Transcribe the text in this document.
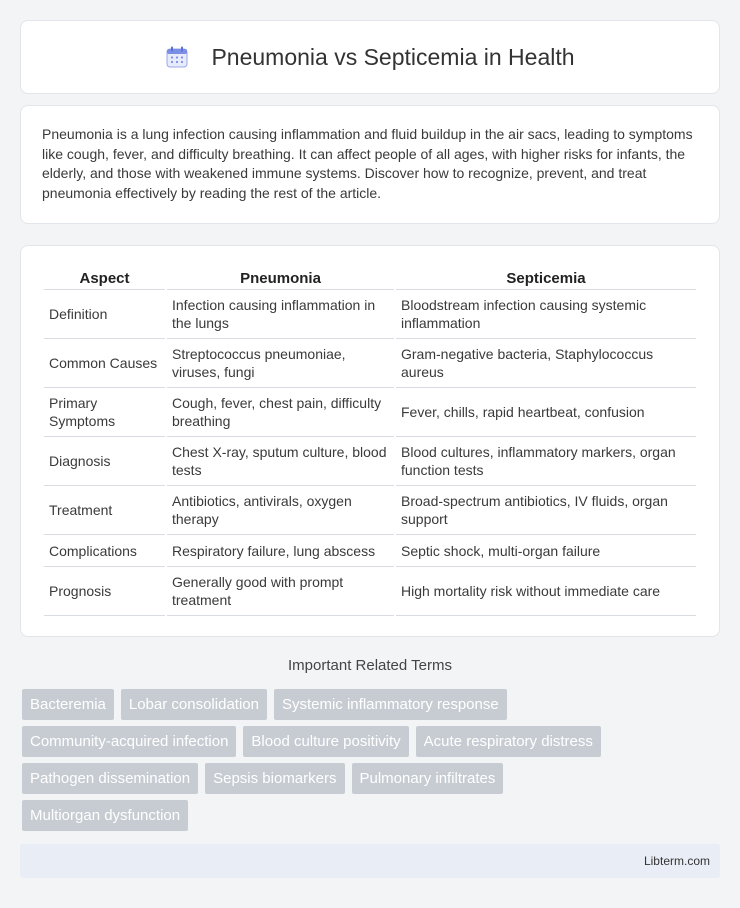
Pneumonia vs Septicemia in Health

Pneumonia is a lung infection causing inflammation and fluid buildup in the air sacs, leading to symptoms like cough, fever, and difficulty breathing. It can affect people of all ages, with higher risks for infants, the elderly, and those with weakened immune systems. Discover how to recognize, prevent, and treat pneumonia effectively by reading the rest of the article.

Aspect	Pneumonia	Septicemia
Definition	Infection causing inflammation in the lungs	Bloodstream infection causing systemic inflammation
Common Causes	Streptococcus pneumoniae, viruses, fungi	Gram-negative bacteria, Staphylococcus aureus
Primary Symptoms	Cough, fever, chest pain, difficulty breathing	Fever, chills, rapid heartbeat, confusion
Diagnosis	Chest X-ray, sputum culture, blood tests	Blood cultures, inflammatory markers, organ function tests
Treatment	Antibiotics, antivirals, oxygen therapy	Broad-spectrum antibiotics, IV fluids, organ support
Complications	Respiratory failure, lung abscess	Septic shock, multi-organ failure
Prognosis	Generally good with prompt treatment	High mortality risk without immediate care
Important Related Terms
Bacteremia	Lobar consolidation	Systemic inflammatory response
Community-acquired infection	Blood culture positivity	Acute respiratory distress
Pathogen dissemination	Sepsis biomarkers	Pulmonary infiltrates
Multiorgan dysfunction
Libterm.com
